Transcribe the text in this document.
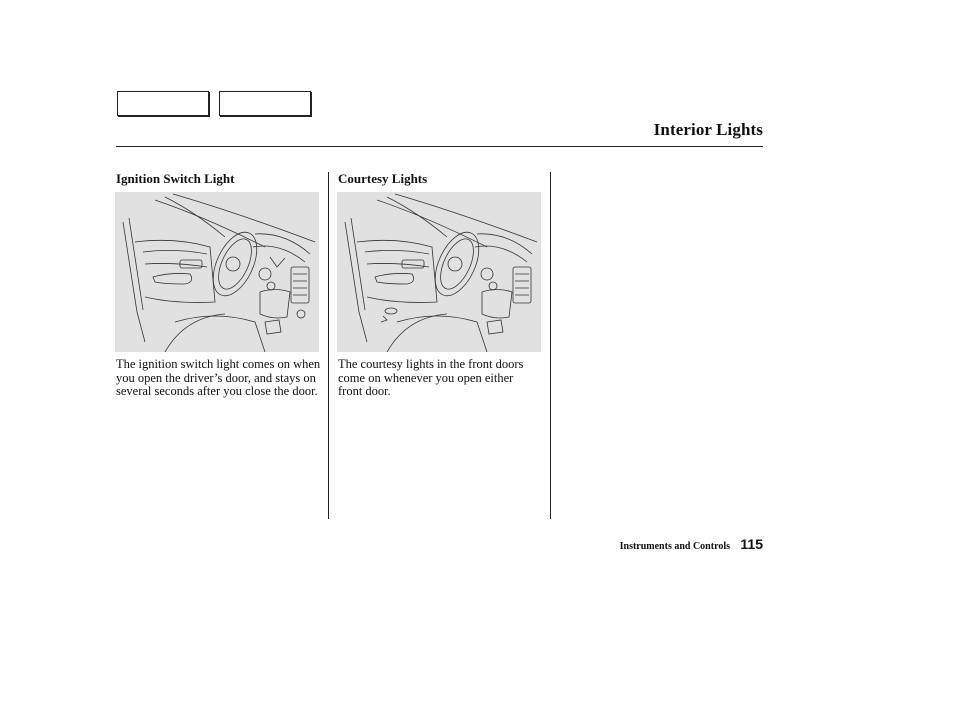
Interior Lights
Ignition Switch Light	Courtesy Lights

The ignition switch light comes on when you open the driver’s door, and stays on several seconds after you close the door.

The courtesy lights in the front doors come on whenever you open either front door.

Instruments and Controls 115
